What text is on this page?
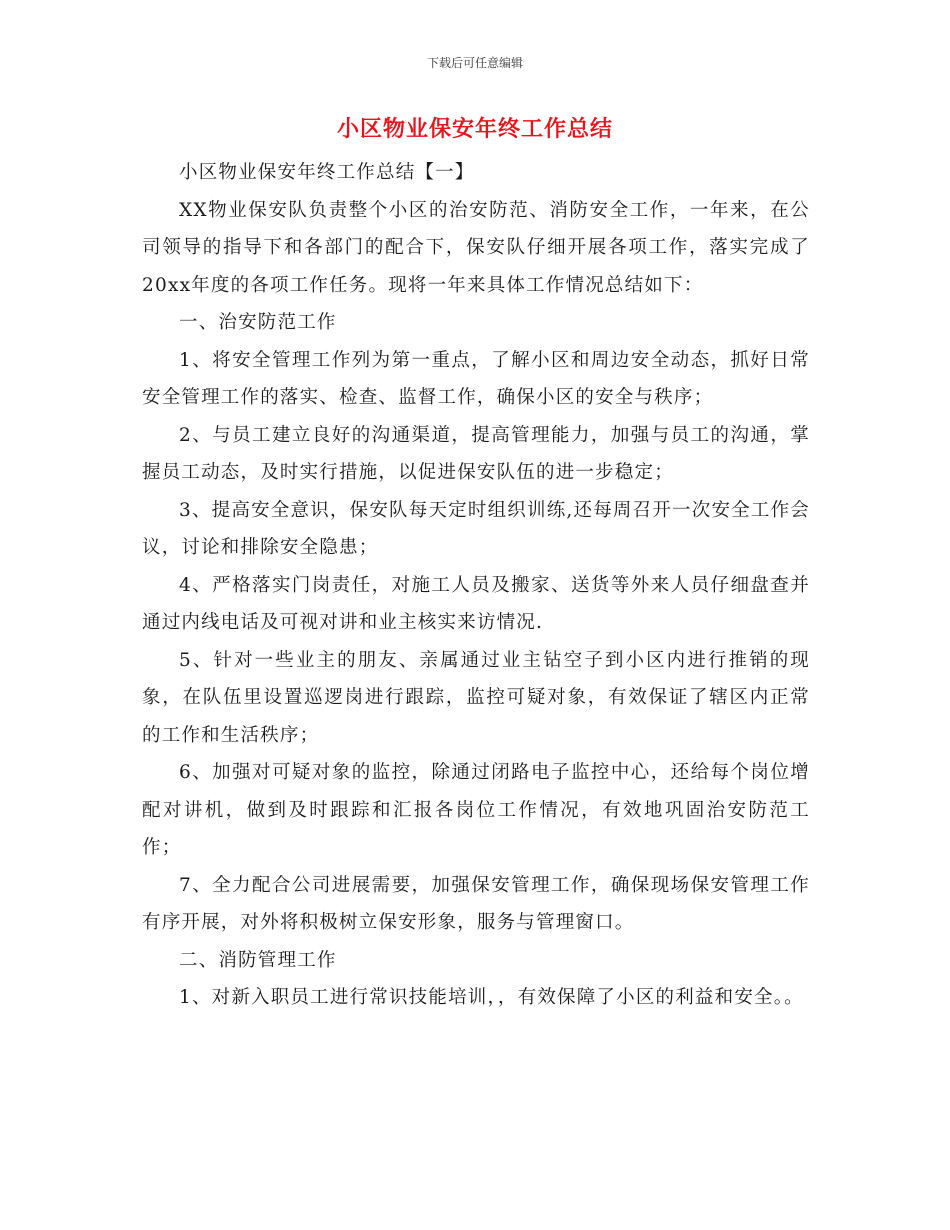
下载后可任意编辑
小区物业保安年终工作总结

小区物业保安年终工作总结【一】

XX物业保安队负责整个小区的治安防范、消防安全工作，一年来，在公司领导的指导下和各部门的配合下，保安队仔细开展各项工作，落实完成了20xx年度的各项工作任务。现将一年来具体工作情况总结如下：

一、治安防范工作

1、将安全管理工作列为第一重点，了解小区和周边安全动态，抓好日常安全管理工作的落实、检查、监督工作，确保小区的安全与秩序；

2、与员工建立良好的沟通渠道，提高管理能力，加强与员工的沟通，掌握员工动态，及时实行措施，以促进保安队伍的进一步稳定；

3、提高安全意识，保安队每天定时组织训练,还每周召开一次安全工作会议，讨论和排除安全隐患；

4、严格落实门岗责任，对施工人员及搬家、送货等外来人员仔细盘查并通过内线电话及可视对讲和业主核实来访情况.

5、针对一些业主的朋友、亲属通过业主钻空子到小区内进行推销的现象，在队伍里设置巡逻岗进行跟踪，监控可疑对象，有效保证了辖区内正常的工作和生活秩序；

6、加强对可疑对象的监控，除通过闭路电子监控中心，还给每个岗位增配对讲机，做到及时跟踪和汇报各岗位工作情况，有效地巩固治安防范工作；

7、全力配合公司进展需要，加强保安管理工作，确保现场保安管理工作有序开展，对外将积极树立保安形象，服务与管理窗口。

二、消防管理工作

1、对新入职员工进行常识技能培训，，有效保障了小区的利益和安全。。
